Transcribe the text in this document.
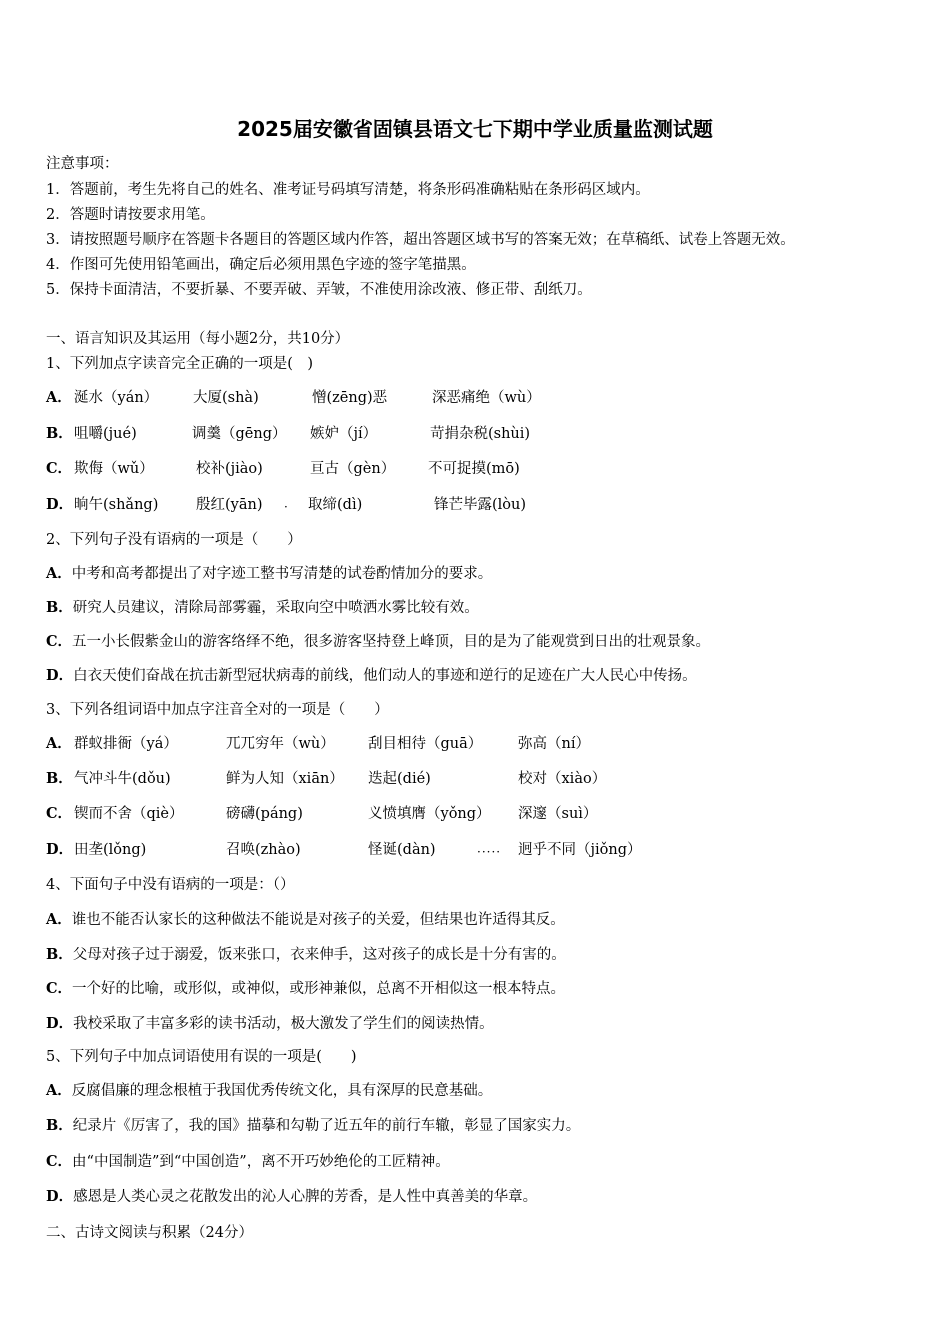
2025届安徽省固镇县语文七下期中学业质量监测试题
注意事项：
1．答题前，考生先将自己的姓名、准考证号码填写清楚，将条形码准确粘贴在条形码区域内。
2．答题时请按要求用笔。
3．请按照题号顺序在答题卡各题目的答题区域内作答，超出答题区域书写的答案无效；在草稿纸、试卷上答题无效。
4．作图可先使用铅笔画出，确定后必须用黑色字迹的签字笔描黑。
5．保持卡面清洁，不要折暴、不要弄破、弄皱，不准使用涂改液、修正带、刮纸刀。
一、语言知识及其运用（每小题2分，共10分）
1、下列加点字读音完全正确的一项是(　)
A． 涎水（yán） 大厦(shà)	憎(zēng)恶	深恶痛绝（wù）
B． 咀嚼(jué)	调羹（gēng） 嫉妒（jí）	苛捐杂税(shùi)
C． 欺侮（wǔ）	校补(jiào)	亘古（gèn） 不可捉摸(mō)
D． 晌午(shǎng)	殷红(yān)	取缔(dì)	锋芒毕露(lòu)
·
2、下列句子没有语病的一项是（　　）
A．中考和高考都提出了对字迹工整书写清楚的试卷酌情加分的要求。
B．研究人员建议，清除局部雾霾，采取向空中喷洒水雾比较有效。
C．五一小长假紫金山的游客络绎不绝，很多游客坚持登上峰顶，目的是为了能观赏到日出的壮观景象。
D．白衣天使们奋战在抗击新型冠状病毒的前线，他们动人的事迹和逆行的足迹在广大人民心中传扬。
3、下列各组词语中加点字注音全对的一项是（　　）
A． 群蚁排衙（yá）	兀兀穷年（wù） 刮目相待（guā） 弥高（ní）
B． 气冲斗牛(dǒu)	鲜为人知（xiān） 迭起(dié)	校对（xiào）
C． 锲而不舍（qiè）	磅礴(páng)	义愤填膺（yǒng） 深邃（suì）
D． 田垄(lǒng)	召唤(zhào)	怪诞(dàn)	迥乎不同（jiǒng）
·····
4、下面句子中没有语病的一项是：（）
A．谁也不能否认家长的这种做法不能说是对孩子的关爱，但结果也许适得其反。
B．父母对孩子过于溺爱，饭来张口，衣来伸手，这对孩子的成长是十分有害的。
C．一个好的比喻，或形似，或神似，或形神兼似，总离不开相似这一根本特点。
D．我校采取了丰富多彩的读书活动，极大激发了学生们的阅读热情。
5、下列句子中加点词语使用有误的一项是(　　)
A．反腐倡廉的理念根植于我国优秀传统文化，具有深厚的民意基础。
B．纪录片《厉害了，我的国》描摹和勾勒了近五年的前行车辙，彰显了国家实力。
C．由“中国制造”到“中国创造”，离不开巧妙绝伦的工匠精神。
D．感恩是人类心灵之花散发出的沁人心脾的芳香，是人性中真善美的华章。
二、古诗文阅读与积累（24分）
